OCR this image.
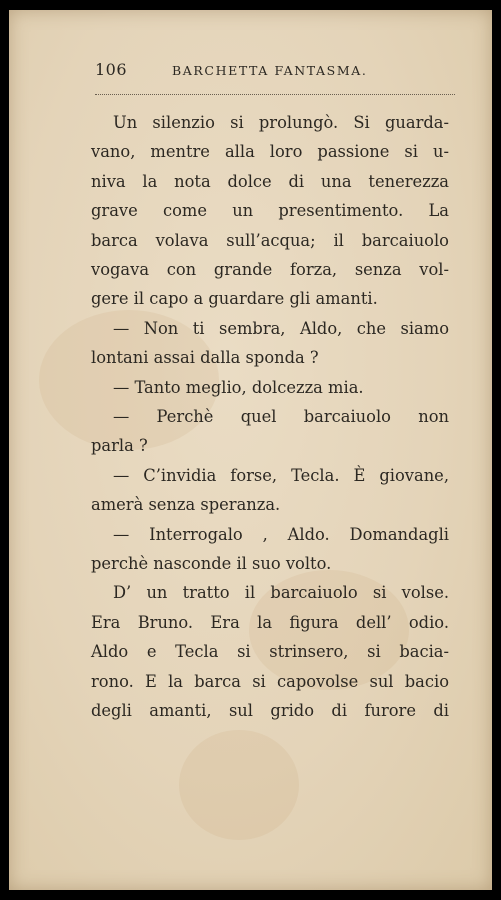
106	BARCHETTA FANTASMA.
Un silenzio si prolungò. Si guarda-
vano, mentre alla loro passione si u-
niva la nota dolce di una tenerezza
grave come un presentimento. La
barca volava sull’acqua; il barcaiuolo
vogava con grande forza, senza vol-
gere il capo a guardare gli amanti.
— Non ti sembra, Aldo, che siamo
lontani assai dalla sponda ?
— Tanto meglio, dolcezza mia.
— Perchè quel barcaiuolo non
parla ?
— C’invidia forse, Tecla. È giovane,
amerà senza speranza.
— Interrogalo , Aldo. Domandagli
perchè nasconde il suo volto.
D’ un tratto il barcaiuolo si volse.
Era Bruno. Era la figura dell’ odio.
Aldo e Tecla si strinsero, si bacia-
rono. E la barca si capovolse sul bacio
degli amanti, sul grido di furore di
